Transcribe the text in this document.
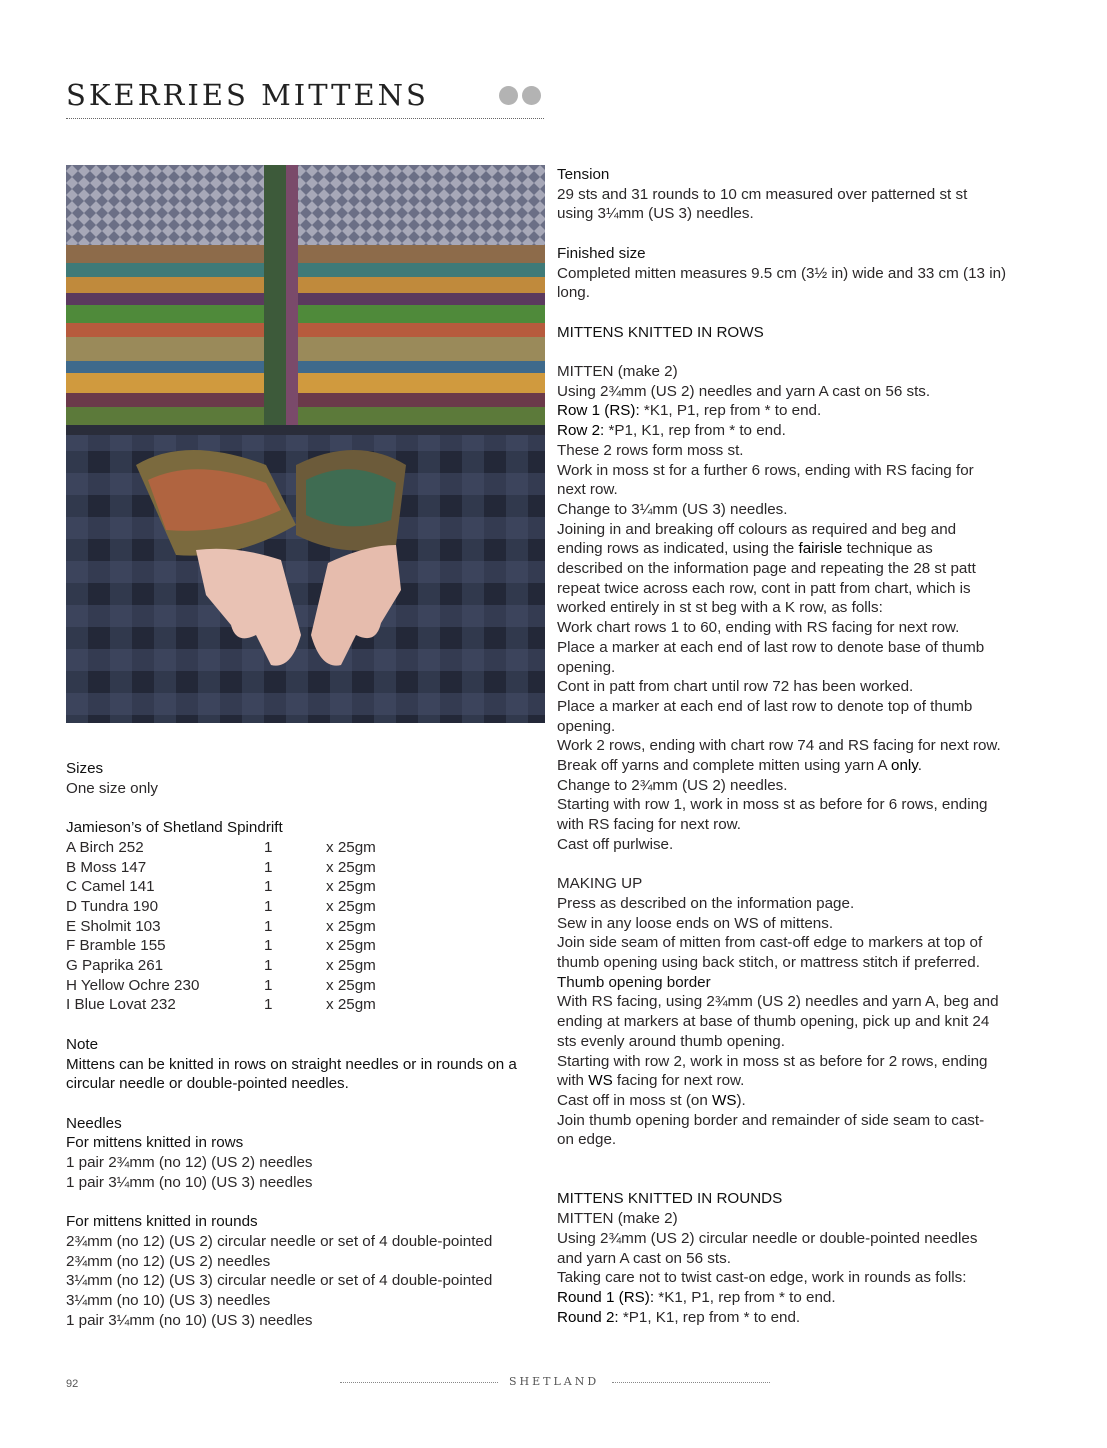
SKERRIES MITTENS

Sizes

One size only

Jamieson’s of Shetland Spindrift

A Birch 252	1	x 25gm
B Moss 147	1	x 25gm
C Camel 141	1	x 25gm
D Tundra 190	1	x 25gm
E Sholmit 103	1	x 25gm
F Bramble 155	1	x 25gm
G Paprika 261	1	x 25gm
H Yellow Ochre 230	1	x 25gm
I Blue Lovat 232	1	x 25gm

Note

Mittens can be knitted in rows on straight needles or in rounds on a circular needle or double-pointed needles.

Needles

For mittens knitted in rows

1 pair 2¾mm (no 12) (US 2) needles

1 pair 3¼mm (no 10) (US 3) needles

For mittens knitted in rounds

2¾mm (no 12) (US 2) circular needle or set of 4 double-pointed

2¾mm (no 12) (US 2) needles

3¼mm (no 12) (US 3) circular needle or set of 4 double-pointed

3¼mm (no 10) (US 3) needles

1 pair 3¼mm (no 10) (US 3) needles

Tension

29 sts and 31 rounds to 10 cm measured over patterned st st

using 3¼mm (US 3) needles.

Finished size

Completed mitten measures 9.5 cm (3½ in) wide and 33 cm (13 in)

long.

MITTENS KNITTED IN ROWS

MITTEN (make 2)

Using 2¾mm (US 2) needles and yarn A cast on 56 sts.

Row 1 (RS): *K1, P1, rep from * to end.

Row 2: *P1, K1, rep from * to end.

These 2 rows form moss st.

Work in moss st for a further 6 rows, ending with RS facing for

next row.

Change to 3¼mm (US 3) needles.

Joining in and breaking off colours as required and beg and

ending rows as indicated, using the fairisle technique as

described on the information page and repeating the 28 st patt

repeat twice across each row, cont in patt from chart, which is

worked entirely in st st beg with a K row, as folls:

Work chart rows 1 to 60, ending with RS facing for next row.

Place a marker at each end of last row to denote base of thumb

opening.

Cont in patt from chart until row 72 has been worked.

Place a marker at each end of last row to denote top of thumb

opening.

Work 2 rows, ending with chart row 74 and RS facing for next row.

Break off yarns and complete mitten using yarn A only.

Change to 2¾mm (US 2) needles.

Starting with row 1, work in moss st as before for 6 rows, ending

with RS facing for next row.

Cast off purlwise.

MAKING UP

Press as described on the information page.

Sew in any loose ends on WS of mittens.

Join side seam of mitten from cast-off edge to markers at top of

thumb opening using back stitch, or mattress stitch if preferred.

Thumb opening border

With RS facing, using 2¾mm (US 2) needles and yarn A, beg and

ending at markers at base of thumb opening, pick up and knit 24

sts evenly around thumb opening.

Starting with row 2, work in moss st as before for 2 rows, ending

with WS facing for next row.

Cast off in moss st (on WS).

Join thumb opening border and remainder of side seam to cast-

on edge.

MITTENS KNITTED IN ROUNDS

MITTEN (make 2)

Using 2¾mm (US 2) circular needle or double-pointed needles

and yarn A cast on 56 sts.

Taking care not to twist cast-on edge, work in rounds as folls:

Round 1 (RS): *K1, P1, rep from * to end.

Round 2: *P1, K1, rep from * to end.

92	SHETLAND
